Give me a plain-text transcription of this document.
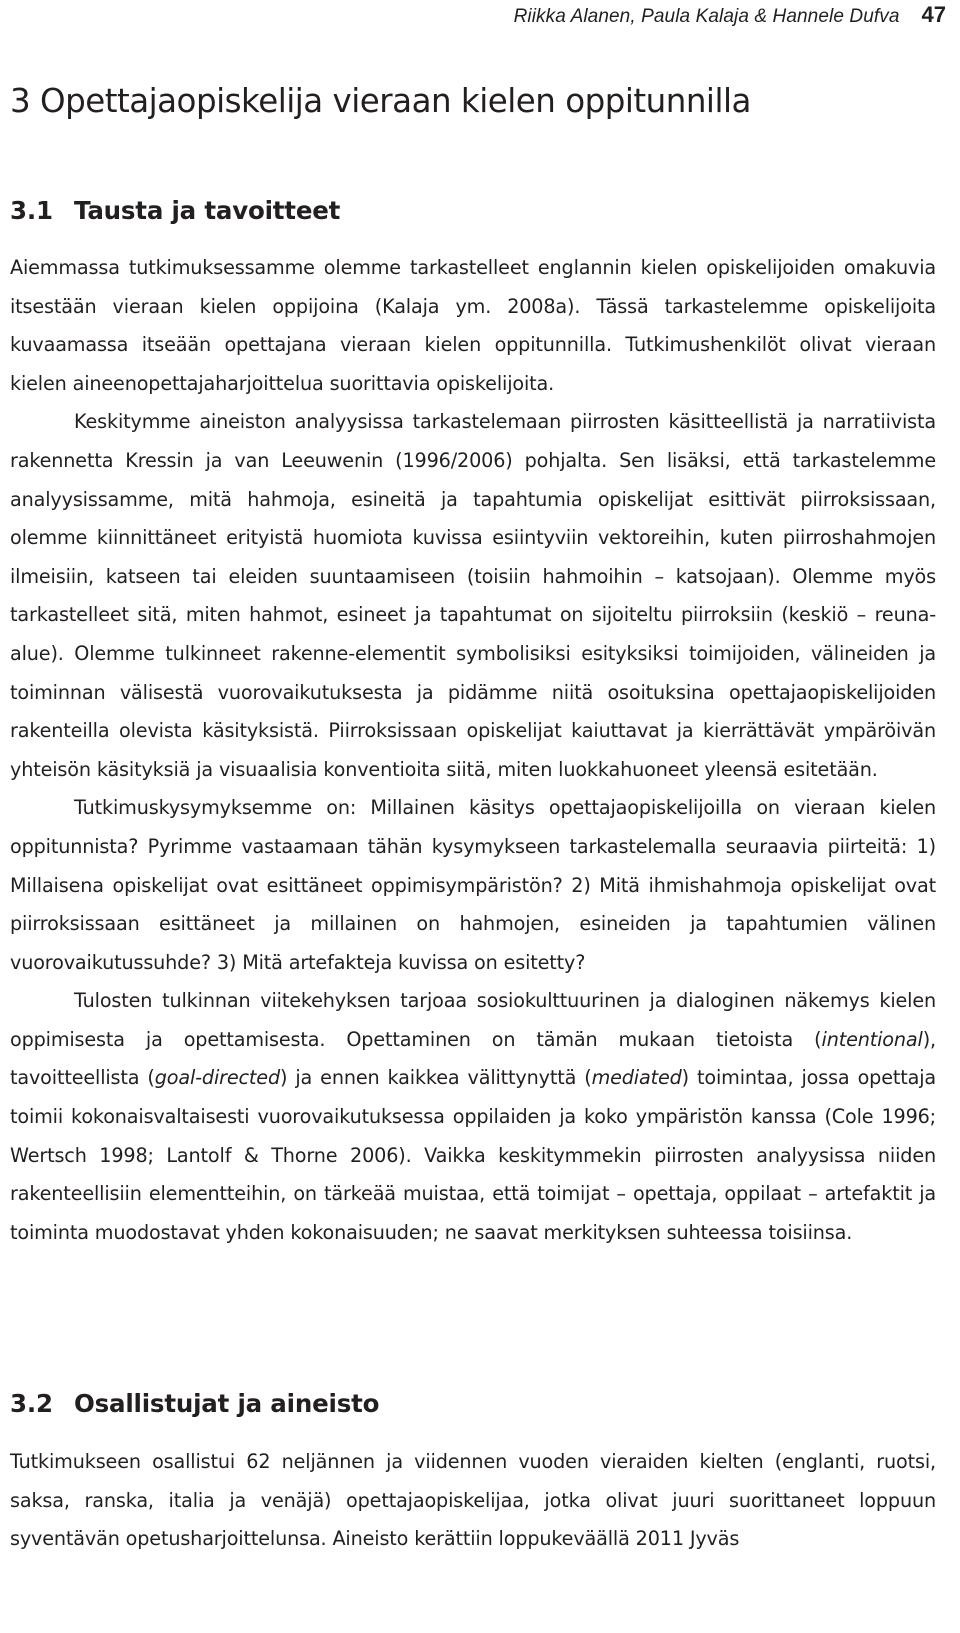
Riikka Alanen, Paula Kalaja & Hannele Dufva 47
3 Opettajaopiskelija vieraan kielen oppitunnilla
3.1 Tausta ja tavoitteet

Aiemmassa tutkimuksessamme olemme tarkastelleet englannin kielen opiskelijoiden omakuvia itsestään vieraan kielen oppijoina (Kalaja ym. 2008a). Tässä tarkastelemme opiskelijoita kuvaamassa itseään opettajana vieraan kielen oppitunnilla. Tutkimushenkilöt olivat vieraan kielen aineenopettajaharjoittelua suorittavia opiskelijoita.

Keskitymme aineiston analyysissa tarkastelemaan piirrosten käsitteellistä ja narratiivista rakennetta Kressin ja van Leeuwenin (1996/2006) pohjalta. Sen lisäksi, että tarkastelemme analyysissamme, mitä hahmoja, esineitä ja tapahtumia opiskelijat esittivät piirroksissaan, olemme kiinnittäneet erityistä huomiota kuvissa esiintyviin vektoreihin, kuten piirroshahmojen ilmeisiin, katseen tai eleiden suuntaamiseen (toisiin hahmoihin – katsojaan). Olemme myös tarkastelleet sitä, miten hahmot, esineet ja tapahtumat on sijoiteltu piirroksiin (keskiö – reuna-alue). Olemme tulkinneet rakenne-elementit symbolisiksi esityksiksi toimijoiden, välineiden ja toiminnan välisestä vuorovaikutuksesta ja pidämme niitä osoituksina opettajaopiskelijoiden rakenteilla olevista käsityksistä. Piirroksissaan opiskelijat kaiuttavat ja kierrättävät ympäröivän yhteisön käsityksiä ja visuaalisia konventioita siitä, miten luokkahuoneet yleensä esitetään.

Tutkimuskysymyksemme on: Millainen käsitys opettajaopiskelijoilla on vieraan kielen oppitunnista? Pyrimme vastaamaan tähän kysymykseen tarkastelemalla seuraavia piirteitä: 1) Millaisena opiskelijat ovat esittäneet oppimisympäristön? 2) Mitä ihmishahmoja opiskelijat ovat piirroksissaan esittäneet ja millainen on hahmojen, esineiden ja tapahtumien välinen vuorovaikutussuhde? 3) Mitä artefakteja kuvissa on esitetty?

Tulosten tulkinnan viitekehyksen tarjoaa sosiokulttuurinen ja dialoginen näkemys kielen oppimisesta ja opettamisesta. Opettaminen on tämän mukaan tietoista (intentional), tavoitteellista (goal-directed) ja ennen kaikkea välittynyttä (mediated) toimintaa, jossa opettaja toimii kokonaisvaltaisesti vuorovaikutuksessa oppilaiden ja koko ympäristön kanssa (Cole 1996; Wertsch 1998; Lantolf & Thorne 2006). Vaikka keskitymmekin piirrosten analyysissa niiden rakenteellisiin elementteihin, on tärkeää muistaa, että toimijat – opettaja, oppilaat – artefaktit ja toiminta muodostavat yhden kokonaisuuden; ne saavat merkityksen suhteessa toisiinsa.

3.2 Osallistujat ja aineisto

Tutkimukseen osallistui 62 neljännen ja viidennen vuoden vieraiden kielten (englanti, ruotsi, saksa, ranska, italia ja venäjä) opettajaopiskelijaa, jotka olivat juuri suorittaneet loppuun syventävän opetusharjoittelunsa. Aineisto kerättiin loppukeväällä 2011 Jyväs
